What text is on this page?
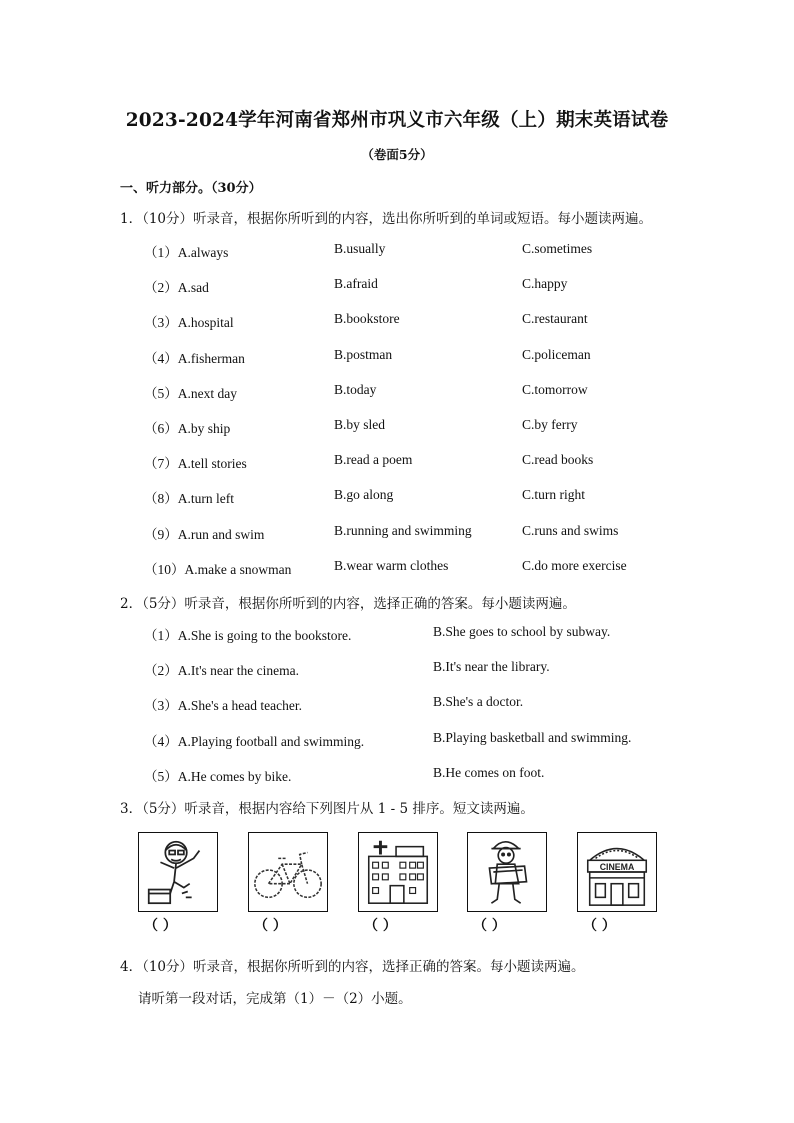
2023-2024学年河南省郑州市巩义市六年级（上）期末英语试卷
（卷面5分）
一、听力部分。（30分）
1．（10分）听录音，根据你所听到的内容，选出你所听到的单词或短语。每小题读两遍。
（1）A.always	B.usually	C.sometimes
（2）A.sad	B.afraid	C.happy
（3）A.hospital	B.bookstore	C.restaurant
（4）A.fisherman	B.postman	C.policeman
（5）A.next day	B.today	C.tomorrow
（6）A.by ship	B.by sled	C.by ferry
（7）A.tell stories	B.read a poem	C.read books
（8）A.turn left	B.go along	C.turn right
（9）A.run and swim	B.running and swimming	C.runs and swims
（10）A.make a snowman	B.wear warm clothes	C.do more exercise
2．（5分）听录音，根据你所听到的内容，选择正确的答案。每小题读两遍。
（1）A.She is going to the bookstore.	B.She goes to school by subway.
（2）A.It's near the cinema.	B.It's near the library.
（3）A.She's a head teacher.	B.She's a doctor.
（4）A.Playing football and swimming.	B.Playing basketball and swimming.
（5）A.He comes by bike.	B.He comes on foot.
3．（5分）听录音，根据内容给下列图片从 1 - 5 排序。短文读两遍。
CINEMA
（ ）	（ ）	（ ）	（ ）	（ ）
4．（10分）听录音，根据你所听到的内容，选择正确的答案。每小题读两遍。
请听第一段对话，完成第（1）－（2）小题。
